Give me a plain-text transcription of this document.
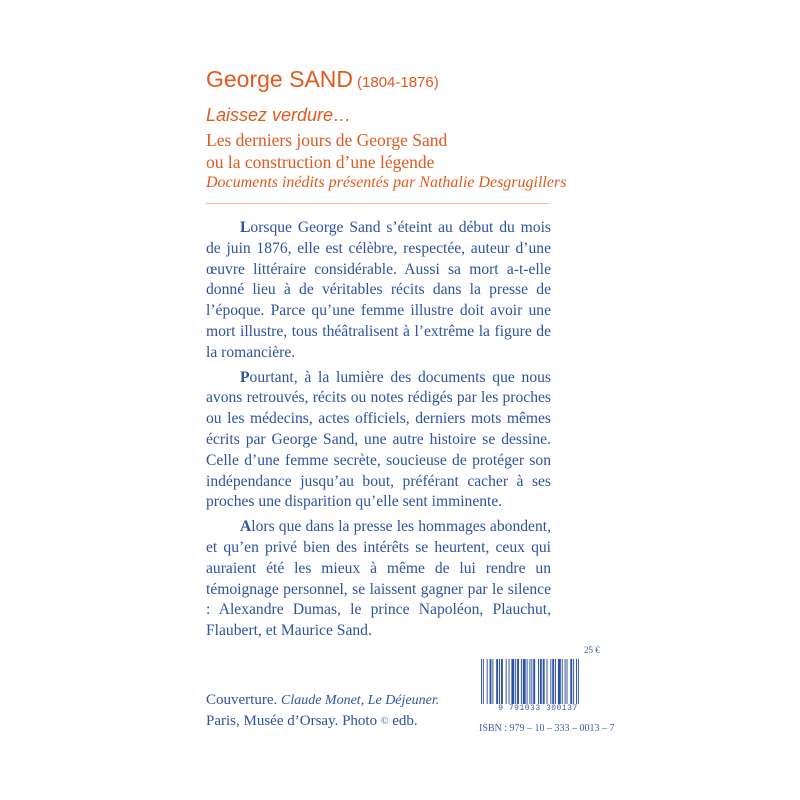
George SAND (1804-1876)
Laissez verdure…
Les derniers jours de George Sand
ou la construction d’une légende
Documents inédits présentés par Nathalie Desgrugillers

Lorsque George Sand s’éteint au début du mois de juin 1876, elle est célèbre, respectée, auteur d’une œuvre littéraire considérable. Aussi sa mort a-t-elle donné lieu à de véritables récits dans la presse de l’époque. Parce qu’une femme illustre doit avoir une mort illustre, tous théâtralisent à l’extrême la figure de la romancière.

Pourtant, à la lumière des documents que nous avons retrouvés, récits ou notes rédigés par les proches ou les médecins, actes officiels, derniers mots mêmes écrits par George Sand, une autre histoire se dessine. Celle d’une femme secrète, soucieuse de protéger son indépendance jusqu’au bout, préférant cacher à ses proches une disparition qu’elle sent imminente.

Alors que dans la presse les hommages abondent, et qu’en privé bien des intérêts se heurtent, ceux qui auraient été les mieux à même de lui rendre un témoignage personnel, se laissent gagner par le silence : Alexandre Dumas, le prince Napoléon, Plauchut, Flaubert, et Maurice Sand.

25 €
9 791033 300137
ISBN : 979 – 10 – 333 – 0013 – 7
Couverture. Claude Monet, Le Déjeuner.
Paris, Musée d’Orsay. Photo © edb.
